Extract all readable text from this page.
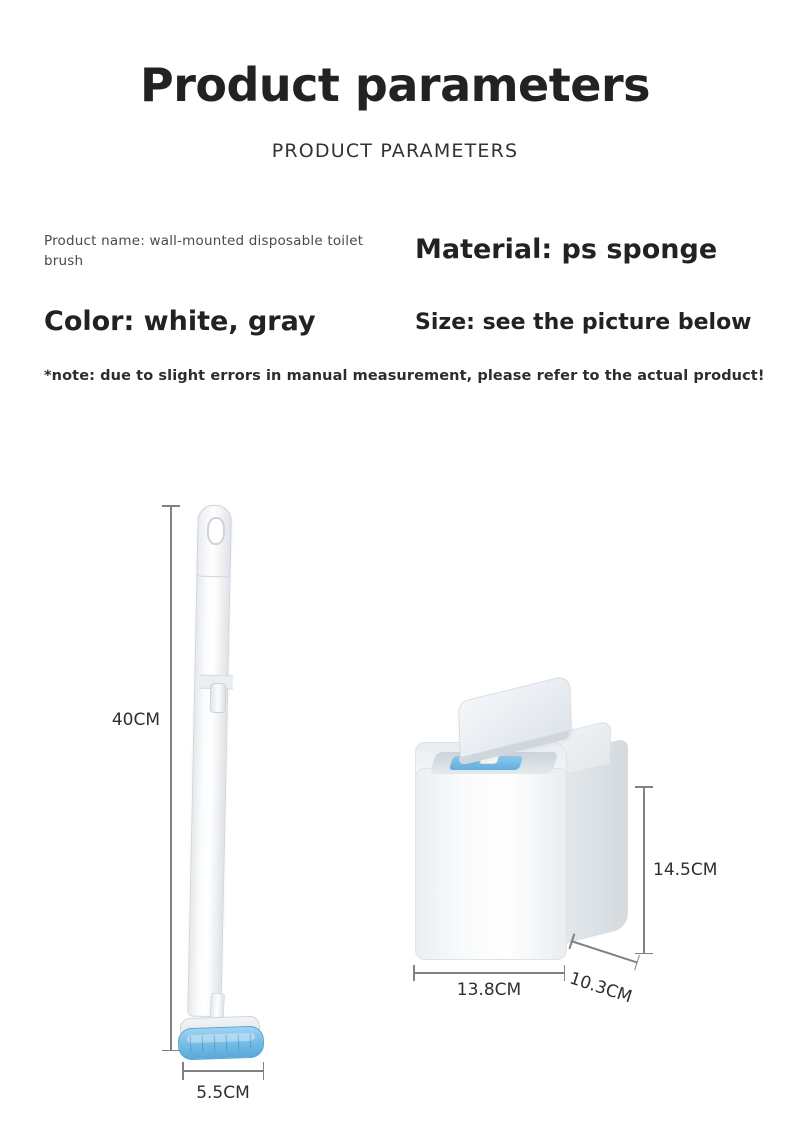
Product parameters
PRODUCT PARAMETERS
Product name: wall-mounted disposable toilet brush	Material: ps sponge
Color: white, gray	Size: see the picture below
*note: due to slight errors in manual measurement, please refer to the actual product!
40CM
5.5CM
13.8CM	10.3CM
14.5CM
